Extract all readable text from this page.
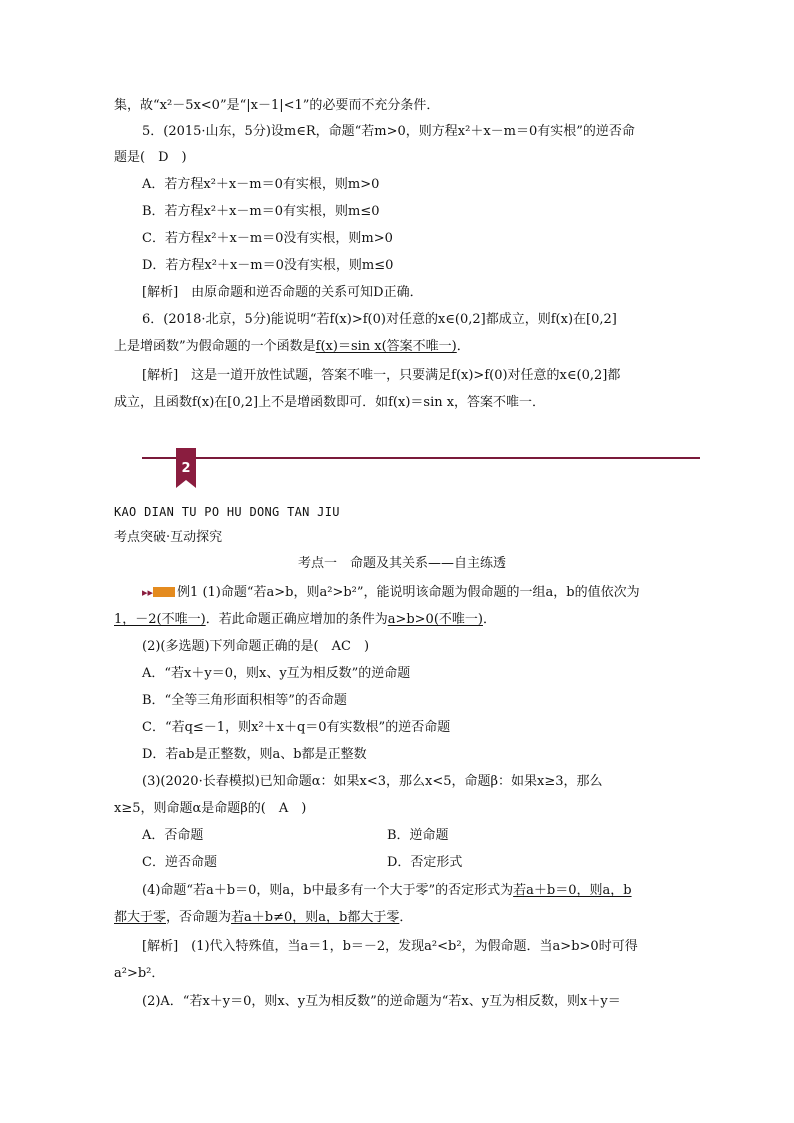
集，故“x²－5x<0”是“|x－1|<1”的必要而不充分条件．
5．(2015·山东，5分)设m∈R，命题“若m>0，则方程x²＋x－m＝0有实根”的逆否命
题是(　D　)
A．若方程x²＋x－m＝0有实根，则m>0
B．若方程x²＋x－m＝0有实根，则m≤0
C．若方程x²＋x－m＝0没有实根，则m>0
D．若方程x²＋x－m＝0没有实根，则m≤0
[解析]　由原命题和逆否命题的关系可知D正确．
6．(2018·北京，5分)能说明“若f(x)>f(0)对任意的x∈(0,2]都成立，则f(x)在[0,2]
上是增函数”为假命题的一个函数是f(x)＝sin x(答案不唯一)．
[解析]　这是一道开放性试题，答案不唯一，只要满足f(x)>f(0)对任意的x∈(0,2]都
成立，且函数f(x)在[0,2]上不是增函数即可．如f(x)＝sin x，答案不唯一．
2
KAO DIAN TU PO HU DONG TAN JIU
考点突破·互动探究
考点一　命题及其关系——自主练透
▸▸ 例1 (1)命题“若a>b，则a²>b²”，能说明该命题为假命题的一组a，b的值依次为
1，－2(不唯一)．若此命题正确应增加的条件为a>b>0(不唯一)．
(2)(多选题)下列命题正确的是(　AC　)
A．“若x＋y＝0，则x、y互为相反数”的逆命题
B．“全等三角形面积相等”的否命题
C．“若q≤－1，则x²＋x＋q＝0有实数根”的逆否命题
D．若ab是正整数，则a、b都是正整数
(3)(2020·长春模拟)已知命题α：如果x<3，那么x<5，命题β：如果x≥3，那么
x≥5，则命题α是命题β的(　A　)
A．否命题	B．逆命题
C．逆否命题	D．否定形式
(4)命题“若a＋b＝0，则a，b中最多有一个大于零”的否定形式为若a＋b＝0，则a，b
都大于零，否命题为若a＋b≠0，则a，b都大于零．
[解析]　(1)代入特殊值，当a＝1，b＝－2，发现a²<b²，为假命题．当a>b>0时可得
a²>b²．
(2)A．“若x＋y＝0，则x、y互为相反数”的逆命题为“若x、y互为相反数，则x＋y＝
